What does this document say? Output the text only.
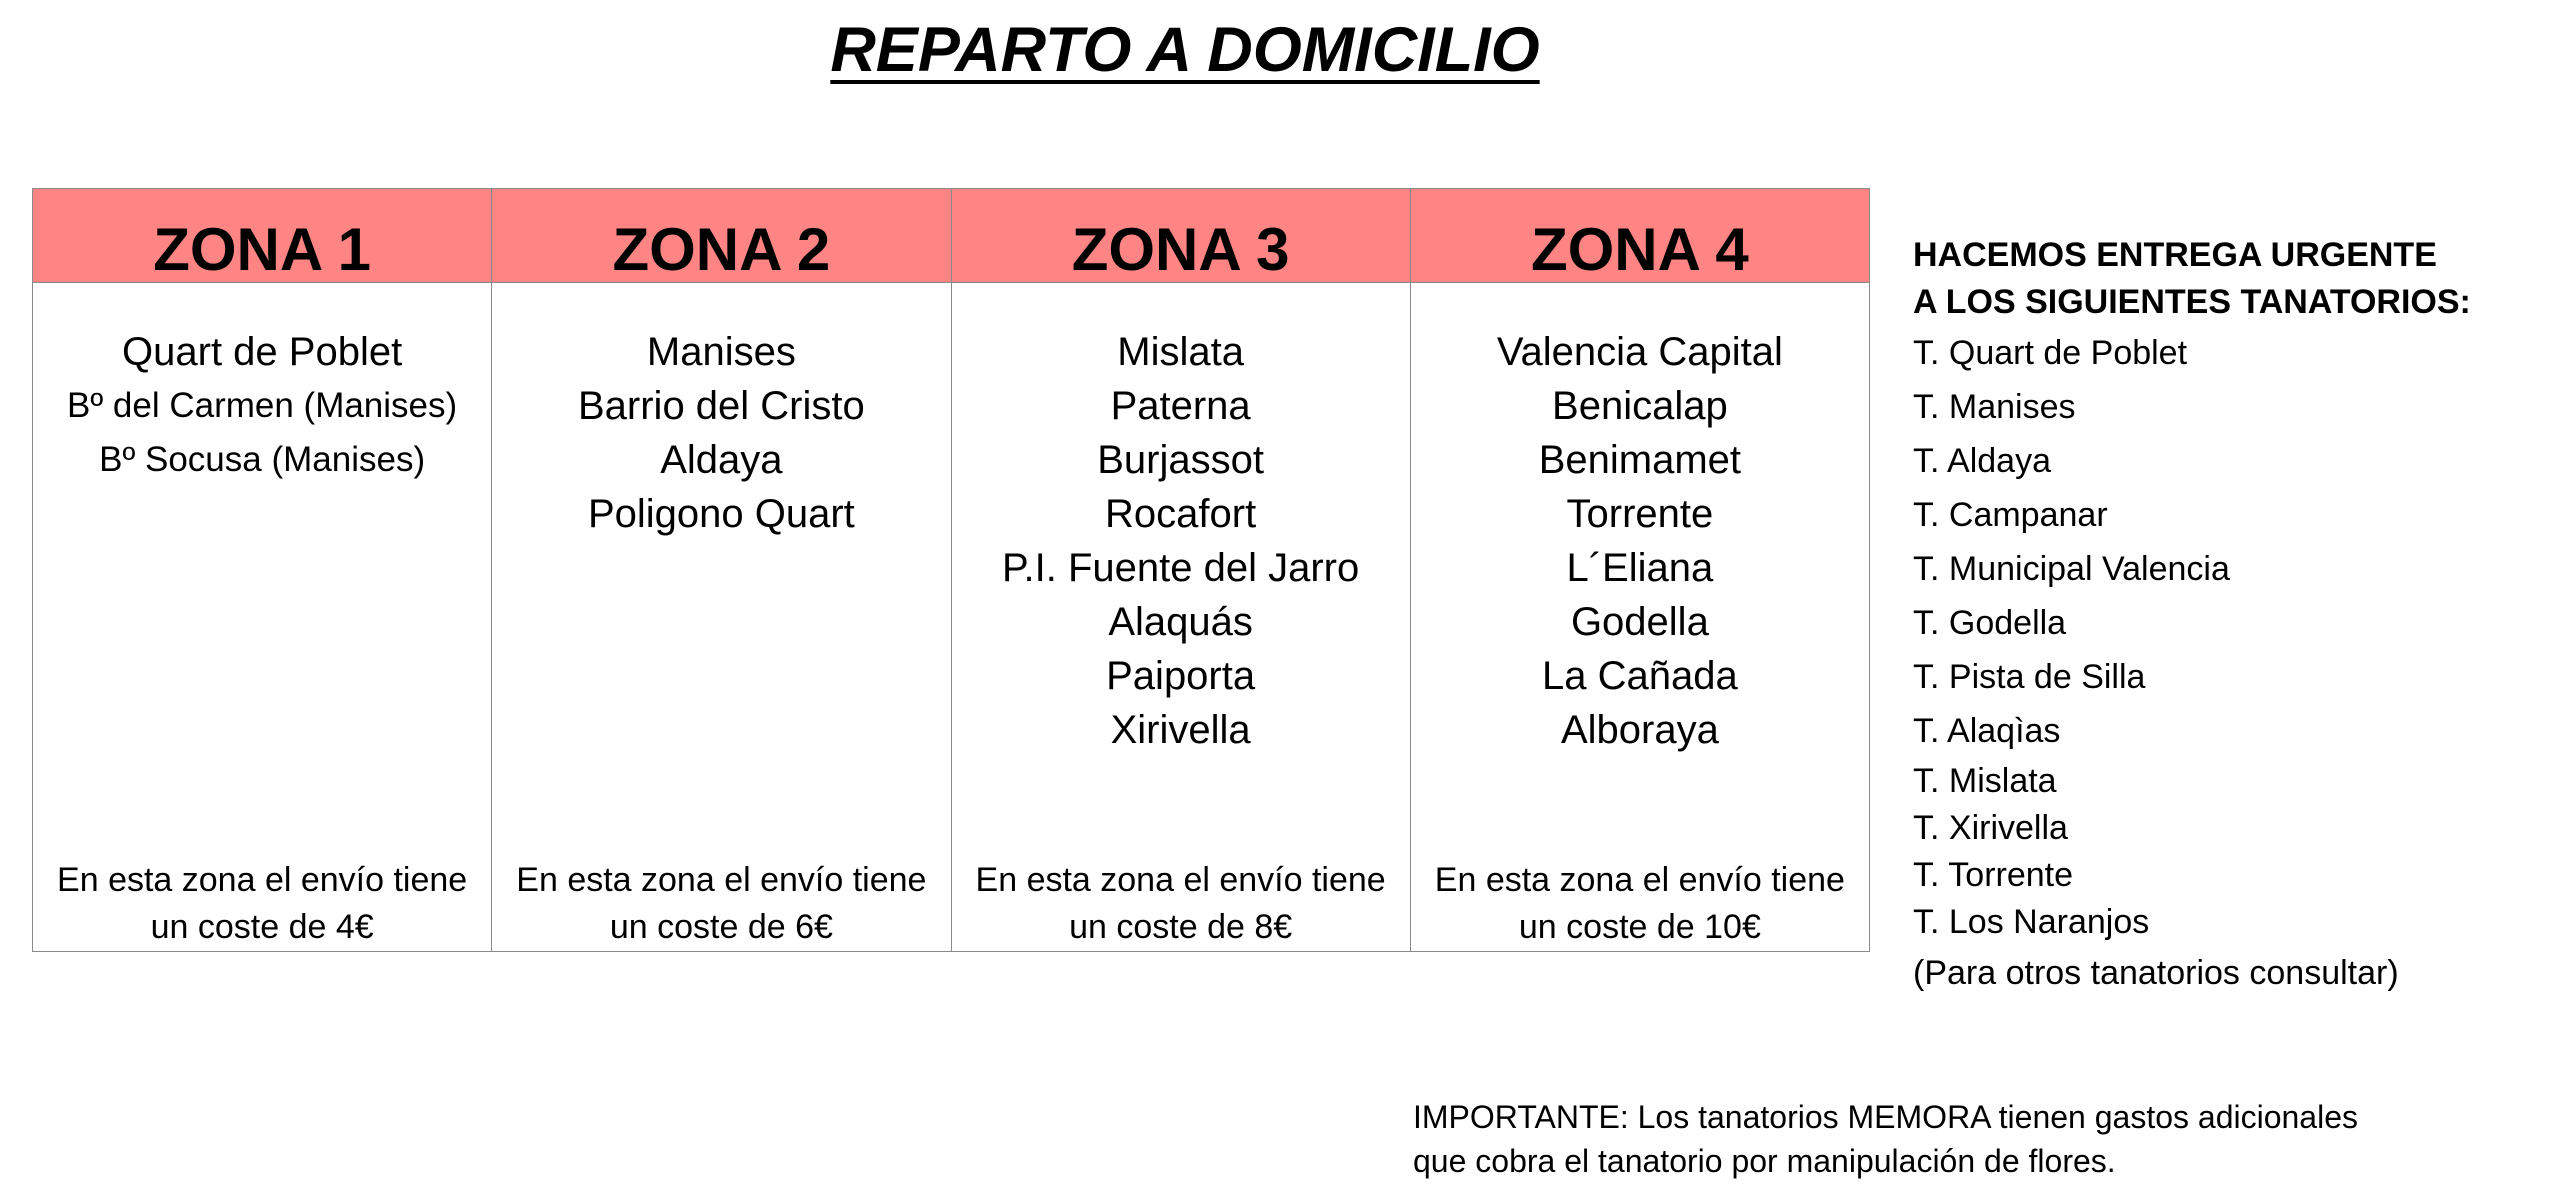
REPARTO A DOMICILIO
ZONA 1
Quart de Poblet
Bº del Carmen (Manises)
Bº Socusa (Manises)
En esta zona el envío tiene
un coste de 4€
ZONA 2
Manises
Barrio del Cristo
Aldaya
Poligono Quart
En esta zona el envío tiene
un coste de 6€
ZONA 3
Mislata
Paterna
Burjassot
Rocafort
P.I. Fuente del Jarro
Alaquás
Paiporta
Xirivella
En esta zona el envío tiene
un coste de 8€
ZONA 4
Valencia Capital
Benicalap
Benimamet
Torrente
L´Eliana
Godella
La Cañada
Alboraya
En esta zona el envío tiene
un coste de 10€
HACEMOS ENTREGA URGENTE
A LOS SIGUIENTES TANATORIOS:
T. Quart de Poblet
T. Manises
T. Aldaya
T. Campanar
T. Municipal Valencia
T. Godella
T. Pista de Silla
T. Alaqìas
T. Mislata
T. Xirivella
T. Torrente
T. Los Naranjos
(Para otros tanatorios consultar)
IMPORTANTE: Los tanatorios MEMORA tienen gastos adicionales
que cobra el tanatorio por manipulación de flores.
